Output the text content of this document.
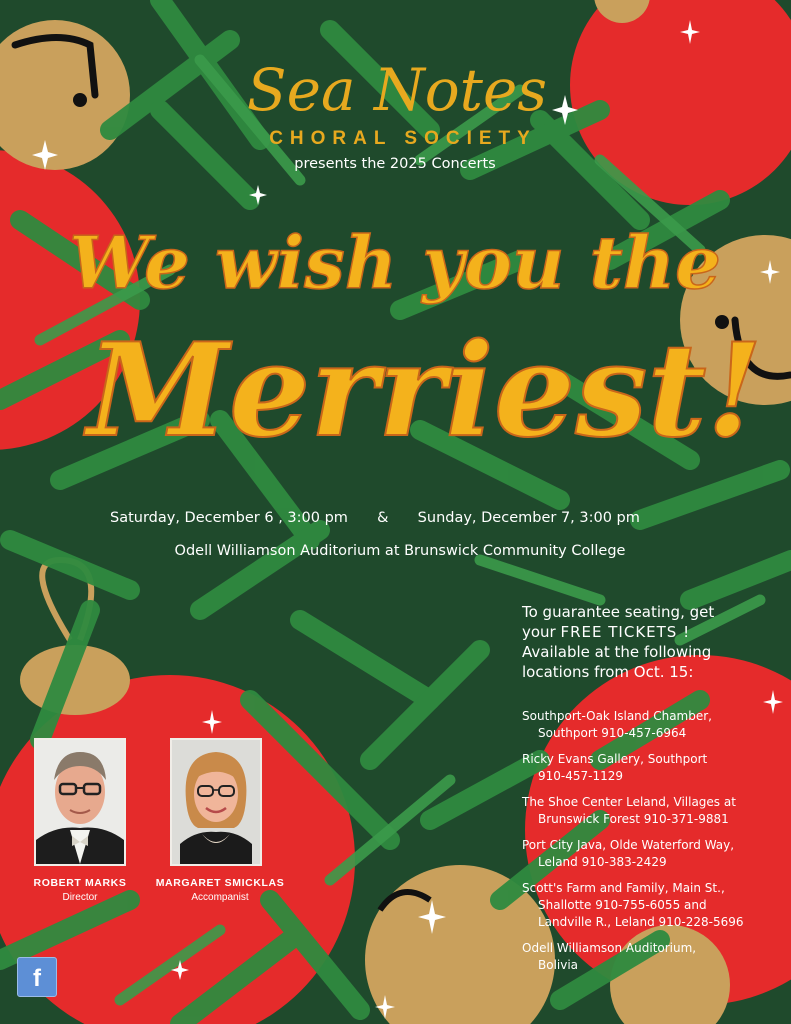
Sea Notes
CHORAL SOCIETY
presents the 2025 Concerts
We wish you the
Merriest!
Saturday, December 6 , 3:00 pm & Sunday, December 7, 3:00 pm
Odell Williamson Auditorium at Brunswick Community College
To guarantee seating, get
your FREE TICKETS !
Available at the following
locations from Oct. 15:
Southport-Oak Island Chamber,
Southport 910-457-6964
Ricky Evans Gallery, Southport
910-457-1129
The Shoe Center Leland, Villages at
Brunswick Forest 910-371-9881
Port City Java, Olde Waterford Way,
Leland 910-383-2429
Scott's Farm and Family, Main St.,
Shallotte 910-755-6055 and
Landville R., Leland 910-228-5696
Odell Williamson Auditorium,
Bolivia
ROBERT MARKS
Director
MARGARET SMICKLAS
Accompanist
f
